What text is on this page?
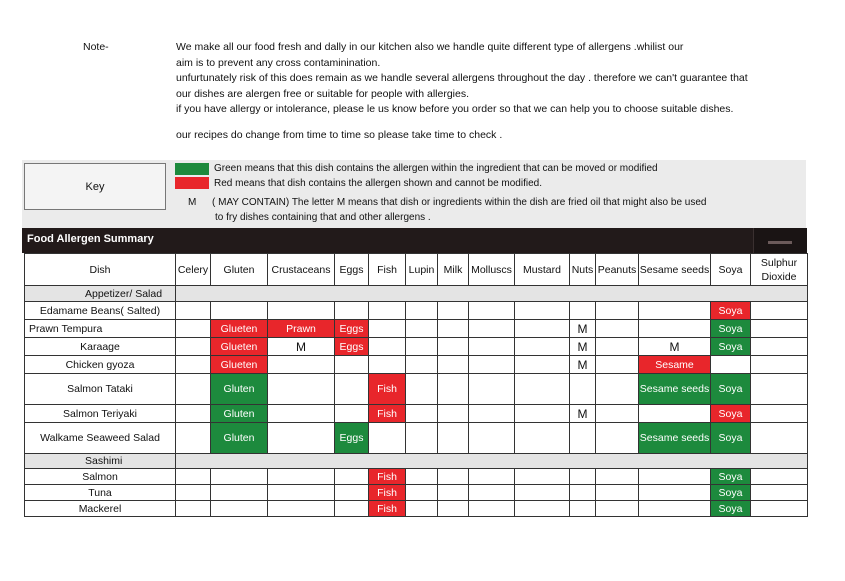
Note-	We make all our food fresh and dally in our kitchen also we handle quite different type of allergens .whilist our
aim is to prevent any cross contaminination.
unfurtunately risk of this does remain as we handle several allergens throughout the day . therefore we can't guarantee that
our dishes are alergen free or suitable for people with allergies.
if you have allergy or intolerance, please le us know before you order so that we can help you to choose suitable dishes.
our recipes do change from time to time so please take time to check .
Key
Green means that this dish contains the allergen within the ingredient that can be moved or modified
Red means that dish contains the allergen shown and cannot be modified.
M ( MAY CONTAIN) The letter M means that dish or ingredients within the dish are fried oil that might also be used
to fry dishes containing that and other allergens .
Food Allergen Summary
Dish	Celery	Gluten	Crustaceans	Eggs	Fish	Lupin	Milk	Molluscs	Mustard	Nuts	Peanuts	Sesame seeds	Soya	Sulphur Dioxide
Appetizer/ Salad														
Edamame Beans( Salted)													Soya	
Prawn Tempura		Glueten	Prawn	Eggs						M			Soya	
Karaage		Glueten	M	Eggs						M		M	Soya	
Chicken gyoza		Glueten								M		Sesame		
Salmon Tataki		Gluten			Fish							Sesame seeds	Soya	
Salmon Teriyaki		Gluten			Fish					M			Soya	
Walkame Seaweed Salad		Gluten		Eggs								Sesame seeds	Soya	
Sashimi														
Salmon					Fish								Soya	
Tuna					Fish								Soya	
Mackerel					Fish								Soya	
